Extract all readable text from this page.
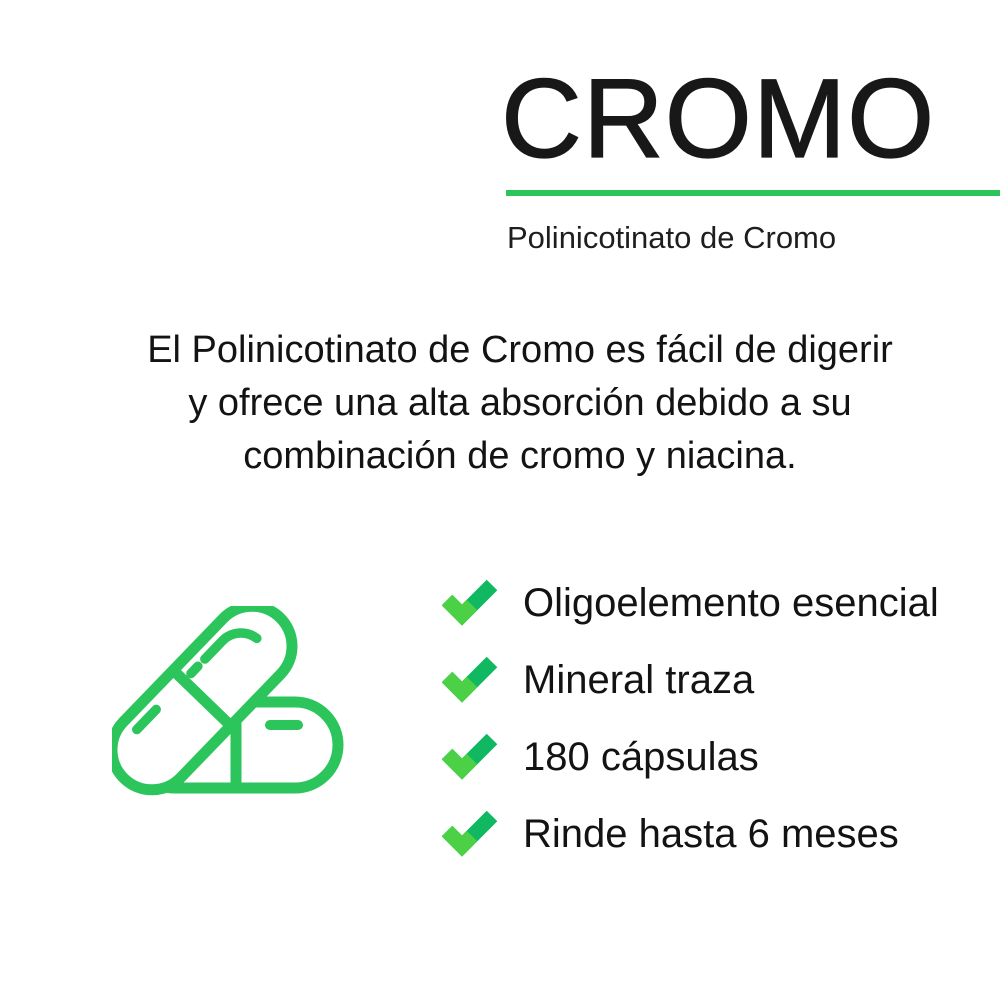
CROMO
Polinicotinato de Cromo
El Polinicotinato de Cromo es fácil de digerir
y ofrece una alta absorción debido a su
combinación de cromo y niacina.
Oligoelemento esencial
Mineral traza
180 cápsulas
Rinde hasta 6 meses
